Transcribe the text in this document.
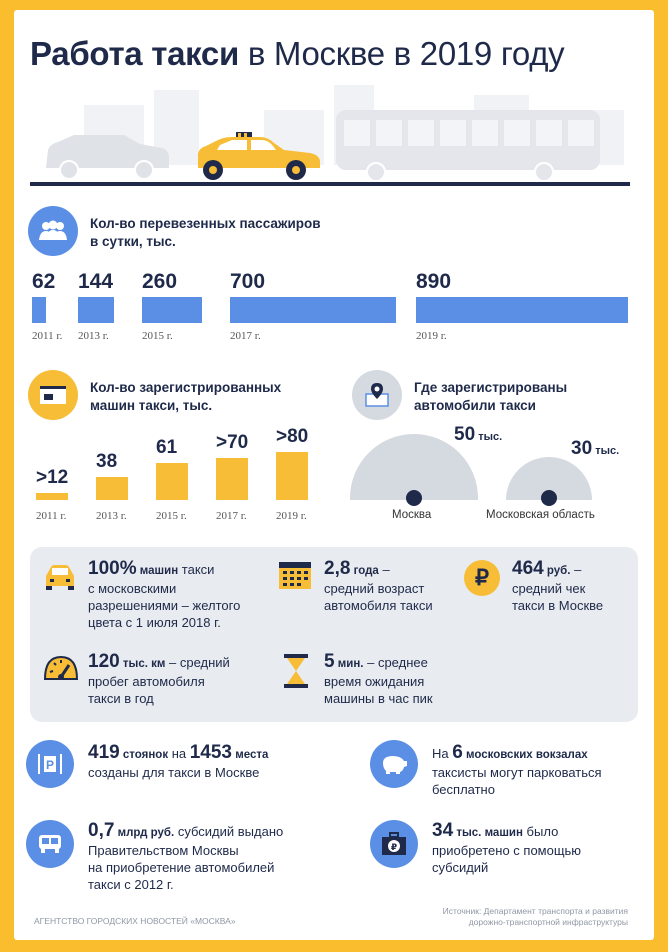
Работа такси в Москве в 2019 году
Кол-во перевезенных пассажиров
в сутки, тыс.
62
2011 г.
144
2013 г.
260
2015 г.
700
2017 г.
890
2019 г.
Кол-во зарегистрированных
машин такси, тыс.
>12
2011 г.
38
2013 г.
61
2015 г.
>70
2017 г.
>80
2019 г.
Где зарегистрированы
автомобили такси
50 тыс.
Москва
30 тыс.
Московская область
100% машин такси
с московскими
разрешениями – желтого
цвета с 1 июля 2018 г.
2,8 года –
средний возраст
автомобиля такси
₽ 464 руб. –
средний чек
такси в Москве
120 тыс. км – средний
пробег автомобиля
такси в год
5 мин. – среднее
время ожидания
машины в час пик
P
419 стоянок на 1453 места
созданы для такси в Москве
На 6 московских вокзалах
таксисты могут парковаться
бесплатно
0,7 млрд руб. субсидий выдано
Правительством Москвы
на приобретение автомобилей
такси с 2012 г.
₽
34 тыс. машин было
приобретено с помощью
субсидий
АГЕНТСТВО ГОРОДСКИХ НОВОСТЕЙ «МОСКВА»
Источник: Департамент транспорта и развития
дорожно-транспортной инфраструктуры
